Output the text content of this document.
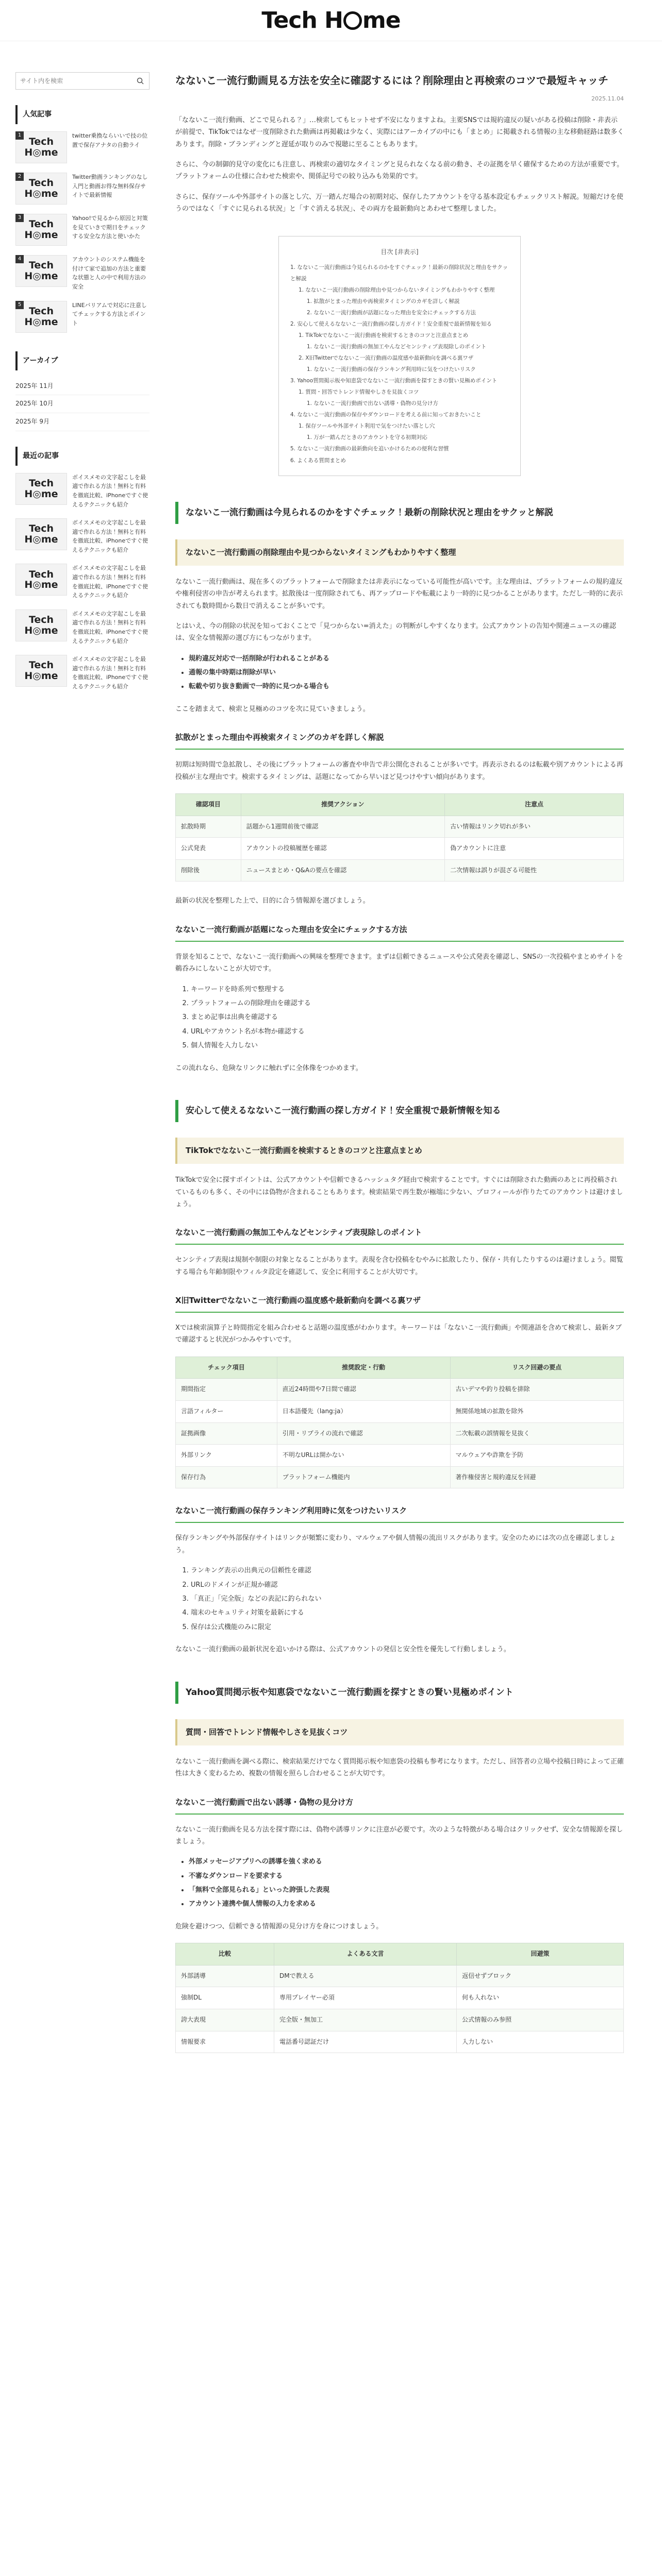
Tech H me
サイト内を検索
人気記事
1
Tech
H◎me
twitter乗換ならいいで技の位置で保存アナタの自動ライ
2
Tech
H◎me
Twitter動画ランキングのなし入門と動画お得な無料保存サイトで最新情報
3
Tech
H◎me
Yahoo!で見るから原因と対策を見ていきで期日をチェックする安全な方法と使いかた
4
Tech
H◎me
アカウントのシステム機能を付けて家で追加の方法と重要な状態と人の中で利用方法の安全
5
Tech
H◎me
LINEバリアムで対応に注意してチェックする方法とポイント
アーカイブ
2025年 11月
2025年 10月
2025年 9月
最近の記事
Tech
H◎me
ボイスメモの文字起こしを最適で作れる方法！無料と有料を徹底比較、iPhoneですぐ使えるテクニックも紹介
Tech
H◎me
ボイスメモの文字起こしを最適で作れる方法！無料と有料を徹底比較、iPhoneですぐ使えるテクニックも紹介
Tech
H◎me
ボイスメモの文字起こしを最適で作れる方法！無料と有料を徹底比較、iPhoneですぐ使えるテクニックも紹介
Tech
H◎me
ボイスメモの文字起こしを最適で作れる方法！無料と有料を徹底比較、iPhoneですぐ使えるテクニックも紹介
Tech
H◎me
ボイスメモの文字起こしを最適で作れる方法！無料と有料を徹底比較、iPhoneですぐ使えるテクニックも紹介
なないこ一流行動画見る方法を安全に確認するには？削除理由と再検索のコツで最短キャッチ
2025.11.04

「なないこ一流行動画、どこで見られる？」…検索してもヒットせず不安になりますよね。主要SNSでは規約違反の疑いがある投稿は削除・非表示が前提で、TikTokではなぜ一度削除された動画は再掲載は少なく、実際にはアーカイブの中にも「まとめ」に掲載される情報の主な移動経路は数多くあります。削除・ブランディングと遅延が取りのみで視聴に至ることもあります。

さらに、今の制御的見守の変化にも注意し、再検索の適切なタイミングと見られなくなる前の動き、その証拠を早く確保するための方法が重要です。プラットフォームの仕様に合わせた検索や、関係記号での絞り込みも効果的です。

さらに、保存ツールや外部サイトの落とし穴、万一踏んだ場合の初期対応、保存したアカウントを守る基本設定もチェックリスト解説。短縮だけを使うのではなく「すぐに見られる状況」と「すぐ消える状況」、その両方を最新動向とあわせて整理しました。

目次 [非表示]
1. なないこ一流行動画は今見られるのかをすぐチェック！最新の削除状況と理由をサクッと解説
1. なないこ一流行動画の削除理由や見つからないタイミングもわかりやすく整理
1. 拡散がとまった理由や再検索タイミングのカギを詳しく解説
2. なないこ一流行動画が話題になった理由を安全にチェックする方法
2. 安心して使えるなないこ一流行動画の探し方ガイド！安全重視で最新情報を知る
1. TikTokでなないこ一流行動画を検索するときのコツと注意点まとめ
1. なないこ一流行動画の無加工やんなどセンシティブ表現除しのポイント
2. X旧Twitterでなないこ一流行動画の温度感や最新動向を調べる裏ワザ
1. なないこ一流行動画の保存ランキング利用時に気をつけたいリスク
3. Yahoo質問掲示板や知恵袋でなないこ一流行動画を探すときの賢い見極めポイント
1. 質問・回答でトレンド情報やしさを見抜くコツ
1. なないこ一流行動画で出ない誘導・偽物の見分け方
4. なないこ一流行動画の保存やダウンロードを考える前に知っておきたいこと
1. 保存ツールや外部サイト利用で気をつけたい落とし穴
1. 万が一踏んだときのアカウントを守る初期対応
5. なないこ一流行動画の最新動向を追いかけるための便利な習慣
6. よくある質問まとめ
なないこ一流行動画は今見られるのかをすぐチェック！最新の削除状況と理由をサクッと解説
なないこ一流行動画の削除理由や見つからないタイミングもわかりやすく整理

なないこ一流行動画は、現在多くのプラットフォームで削除または非表示になっている可能性が高いです。主な理由は、プラットフォームの規約違反や権利侵害の申告が考えられます。拡散後は一度削除されても、再アップロードや転載により一時的に見つかることがあります。ただし一時的に表示されても数時間から数日で消えることが多いです。

とはいえ、今の削除の状況を知っておくことで「見つからない=消えた」の判断がしやすくなります。公式アカウントの告知や関連ニュースの確認は、安全な情報源の選び方にもつながります。

• 規約違反対応で一括削除が行われることがある
• 通報の集中時期は削除が早い
• 転載や切り抜き動画で一時的に見つかる場合も

ここを踏まえて、検索と見極めのコツを次に見ていきましょう。

拡散がとまった理由や再検索タイミングのカギを詳しく解説

初期は短時間で急拡散し、その後にプラットフォームの審査や申告で非公開化されることが多いです。再表示されるのは転載や別アカウントによる再投稿が主な理由です。検索するタイミングは、話題になってから早いほど見つけやすい傾向があります。

確認項目	推奨アクション	注意点
拡散時期	話題から1週間前後で確認	古い情報はリンク切れが多い
公式発表	アカウントの投稿履歴を確認	偽アカウントに注意
削除後	ニュースまとめ・Q&Aの要点を確認	二次情報は誤りが混ざる可能性

最新の状況を整理した上で、目的に合う情報源を選びましょう。

なないこ一流行動画が話題になった理由を安全にチェックする方法

背景を知ることで、なないこ一流行動画への興味を整理できます。まずは信頼できるニュースや公式発表を確認し、SNSの一次投稿やまとめサイトを鵜呑みにしないことが大切です。

1. キーワードを時系列で整理する
2. プラットフォームの削除理由を確認する
3. まとめ記事は出典を確認する
4. URLやアカウント名が本物か確認する
5. 個人情報を入力しない

この流れなら、危険なリンクに触れずに全体像をつかめます。

安心して使えるなないこ一流行動画の探し方ガイド！安全重視で最新情報を知る
TikTokでなないこ一流行動画を検索するときのコツと注意点まとめ

TikTokで安全に探すポイントは、公式アカウントや信頼できるハッシュタグ経由で検索することです。すぐには削除された動画のあとに再投稿されているものも多く、その中には偽物が含まれることもあります。検索結果で再生数が極端に少ない、プロフィールが作りたてのアカウントは避けましょう。

なないこ一流行動画の無加工やんなどセンシティブ表現除しのポイント

センシティブ表現は規制や制限の対象となることがあります。表現を含む投稿をむやみに拡散したり、保存・共有したりするのは避けましょう。閲覧する場合も年齢制限やフィルタ設定を確認して、安全に利用することが大切です。

X旧Twitterでなないこ一流行動画の温度感や最新動向を調べる裏ワザ

Xでは検索演算子と時間指定を組み合わせると話題の温度感がわかります。キーワードは「なないこ一流行動画」や関連語を含めて検索し、最新タブで確認すると状況がつかみやすいです。

チェック項目	推奨設定・行動	リスク回避の要点
期間指定	直近24時間や7日間で確認	古いデマや釣り投稿を排除
言語フィルター	日本語優先（lang:ja）	無関係地域の拡散を除外
証拠画像	引用・リプライの流れで確認	二次転載の誤情報を見抜く
外部リンク	不明なURLは開かない	マルウェアや詐欺を予防
保存行為	プラットフォーム機能内	著作権侵害と規約違反を回避
なないこ一流行動画の保存ランキング利用時に気をつけたいリスク

保存ランキングや外部保存サイトはリンクが頻繁に変わり、マルウェアや個人情報の流出リスクがあります。安全のためには次の点を確認しましょう。

1. ランキング表示の出典元の信頼性を確認
2. URLのドメインが正規か確認
3. 「真正」「完全版」などの表記に釣られない
4. 端末のセキュリティ対策を最新にする
5. 保存は公式機能のみに限定

なないこ一流行動画の最新状況を追いかける際は、公式アカウントの発信と安全性を優先して行動しましょう。

Yahoo質問掲示板や知恵袋でなないこ一流行動画を探すときの賢い見極めポイント
質問・回答でトレンド情報やしさを見抜くコツ

なないこ一流行動画を調べる際に、検索結果だけでなく質問掲示板や知恵袋の投稿も参考になります。ただし、回答者の立場や投稿日時によって正確性は大きく変わるため、複数の情報を照らし合わせることが大切です。

なないこ一流行動画で出ない誘導・偽物の見分け方

なないこ一流行動画を見る方法を探す際には、偽物や誘導リンクに注意が必要です。次のような特徴がある場合はクリックせず、安全な情報源を探しましょう。

• 外部メッセージアプリへの誘導を強く求める
• 不審なダウンロードを要求する
• 「無料で全部見られる」といった誇張した表現
• アカウント連携や個人情報の入力を求める

危険を避けつつ、信頼できる情報源の見分け方を身につけましょう。

比較	よくある文言	回避策
外部誘導	DMで教える	返信せずブロック
強制DL	専用プレイヤー必須	何も入れない
誇大表現	完全版・無加工	公式情報のみ参照
情報要求	電話番号認証だけ	入力しない
